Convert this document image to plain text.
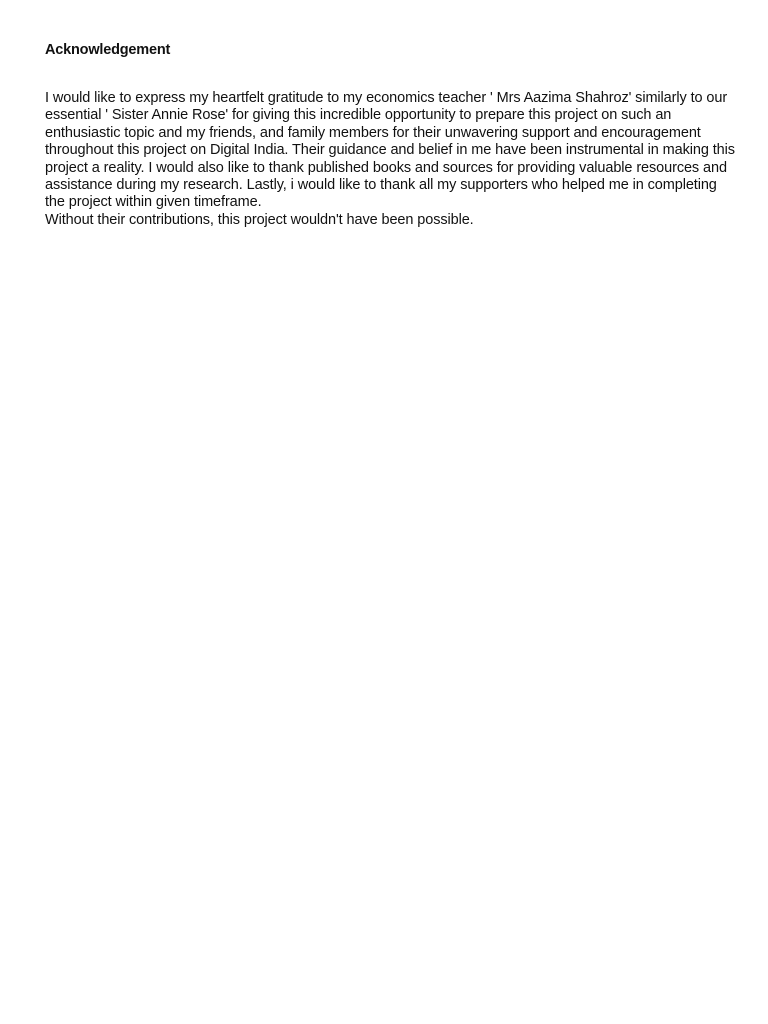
Acknowledgement

I would like to express my heartfelt gratitude to my economics teacher ' Mrs Aazima Shahroz' similarly to our essential ' Sister Annie Rose' for giving this incredible opportunity to prepare this project on such an enthusiastic topic and my friends, and family members for their unwavering support and encouragement throughout this project on Digital India. Their guidance and belief in me have been instrumental in making this project a reality. I would also like to thank published books and sources for providing valuable resources and assistance during my research. Lastly, i would like to thank all my supporters who helped me in completing the project within given timeframe.

Without their contributions, this project wouldn't have been possible.
